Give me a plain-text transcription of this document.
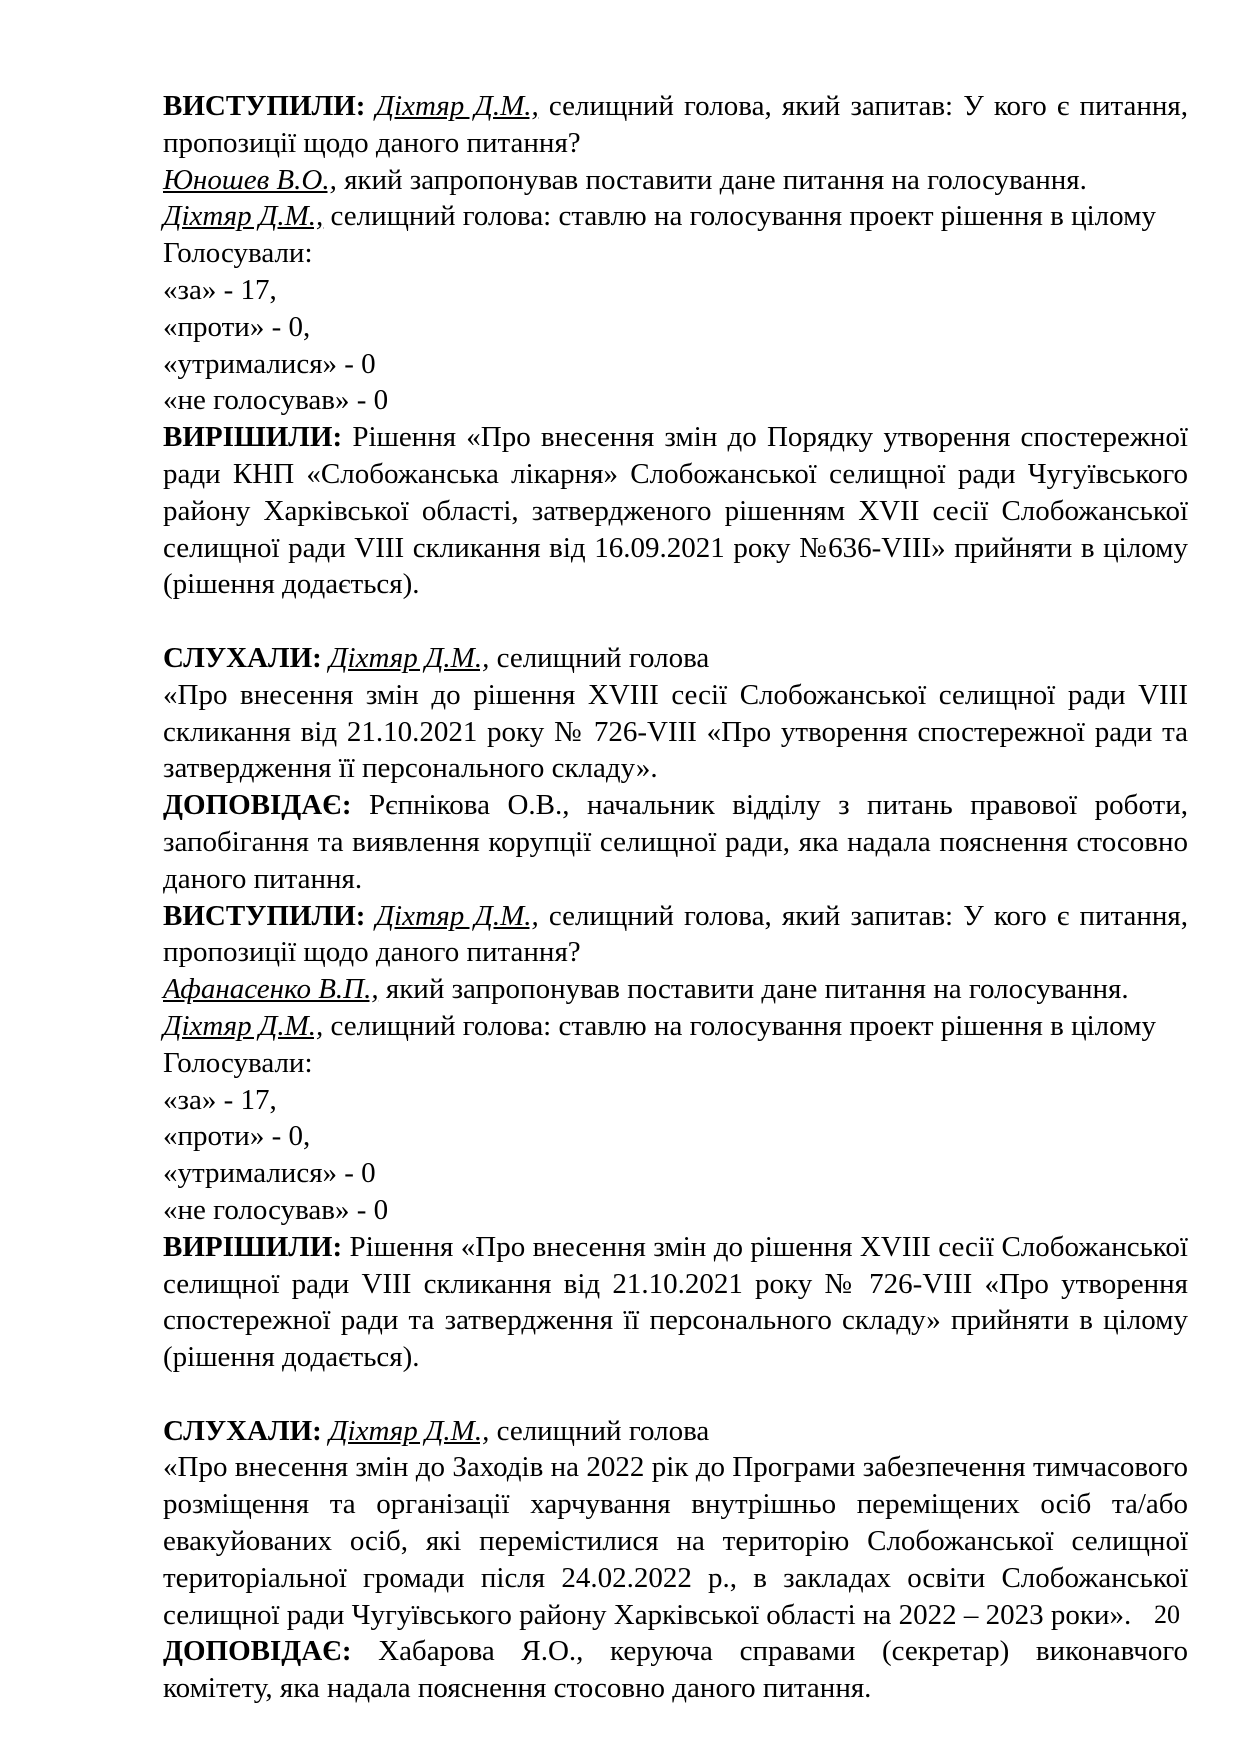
ВИСТУПИЛИ: Діхтяр Д.М., селищний голова, який запитав: У кого є питання, пропозиції щодо даного питання?

Юношев В.О., який запропонував поставити дане питання на голосування.

Діхтяр Д.М., селищний голова: ставлю на голосування проект рішення в цілому

Голосували:

«за» - 17,

«проти» - 0,

«утрималися» - 0

«не голосував» - 0

ВИРІШИЛИ: Рішення «Про внесення змін до Порядку утворення спостережної ради КНП «Слобожанська лікарня» Слобожанської селищної ради Чугуївського району Харківської області, затвердженого рішенням XVII сесії Слобожанської селищної ради VIII скликання від 16.09.2021 року №636-VIII» прийняти в цілому (рішення додається).

СЛУХАЛИ: Діхтяр Д.М., селищний голова

«Про внесення змін до рішення XVIII сесії Слобожанської селищної ради VIII скликання від 21.10.2021 року № 726-VIII «Про утворення спостережної ради та затвердження її персонального складу».

ДОПОВІДАЄ: Рєпнікова О.В., начальник відділу з питань правової роботи, запобігання та виявлення корупції селищної ради, яка надала пояснення стосовно даного питання.

ВИСТУПИЛИ: Діхтяр Д.М., селищний голова, який запитав: У кого є питання, пропозиції щодо даного питання?

Афанасенко В.П., який запропонував поставити дане питання на голосування.

Діхтяр Д.М., селищний голова: ставлю на голосування проект рішення в цілому

Голосували:

«за» - 17,

«проти» - 0,

«утрималися» - 0

«не голосував» - 0

ВИРІШИЛИ: Рішення «Про внесення змін до рішення XVIII сесії Слобожанської селищної ради VIII скликання від 21.10.2021 року № 726-VIII «Про утворення спостережної ради та затвердження її персонального складу» прийняти в цілому (рішення додається).

СЛУХАЛИ: Діхтяр Д.М., селищний голова

«Про внесення змін до Заходів на 2022 рік до Програми забезпечення тимчасового розміщення та організації харчування внутрішньо переміщених осіб та/або евакуйованих осіб, які перемістилися на територію Слобожанської селищної територіальної громади після 24.02.2022 р., в закладах освіти Слобожанської селищної ради Чугуївського району Харківської області на 2022 – 2023 роки».

ДОПОВІДАЄ: Хабарова Я.О., керуюча справами (секретар) виконавчого комітету, яка надала пояснення стосовно даного питання.

20
